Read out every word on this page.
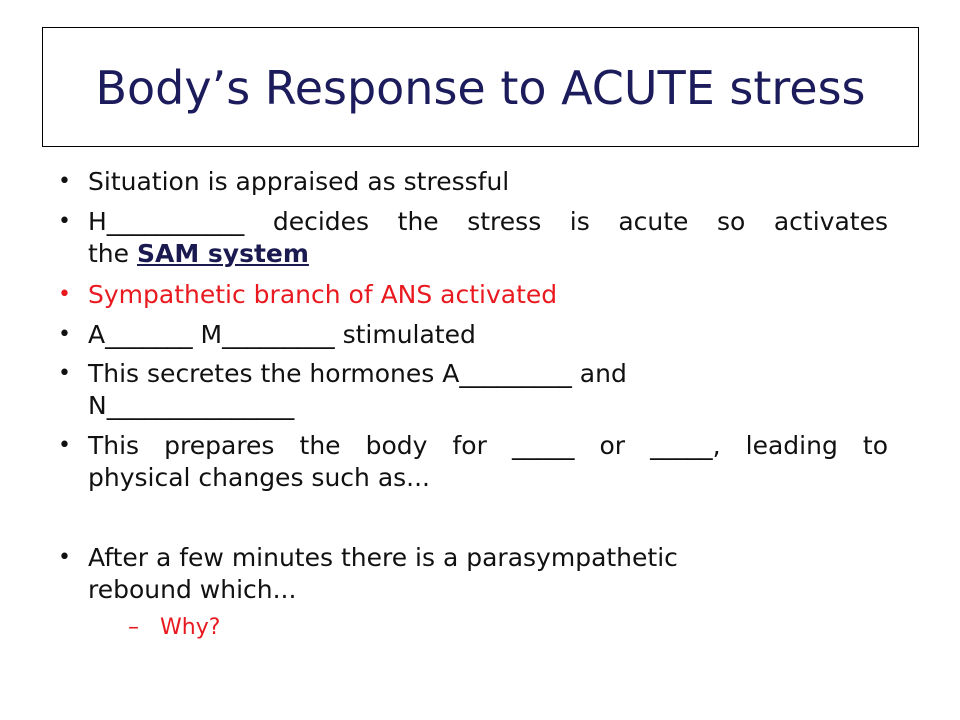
Body’s Response to ACUTE stress
• Situation is appraised as stressful
• H___________ decides the stress is acute so activates
the SAM system
• Sympathetic branch of ANS activated
• A_______ M_________ stimulated
• This secretes the hormones A_________ and
N_______________
• This prepares the body for _____ or _____, leading to
physical changes such as...
• After a few minutes there is a parasympathetic
rebound which...
– Why?
